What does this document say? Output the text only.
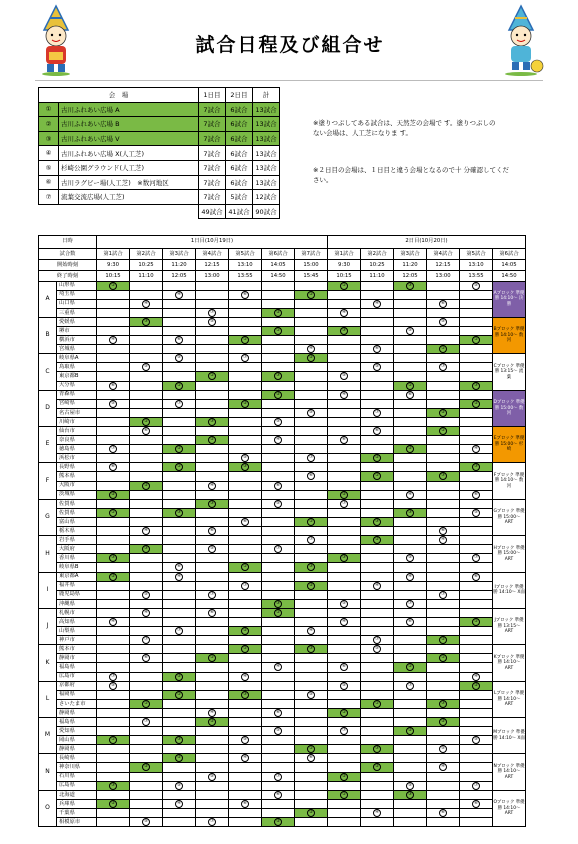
試合日程及び組合せ
会　場		1日目	2日目	計
①	古川ふれあい広場 A	7試合	6試合	13試合
②	古川ふれあい広場 B	7試合	6試合	13試合
③	古川ふれあい広場 V	7試合	6試合	13試合
④	古川ふれあい広場 X(人工芝)	7試合	6試合	13試合
⑤	杉崎公園グラウンド(人工芝)	7試合	6試合	13試合
⑥	古川ラグビー場(人工芝)　※数河地区	7試合	6試合	13試合
⑦	流葉交流広場(人工芝)	7試合	5試合	12試合
		49試合	41試合	90試合
※塗りつぶしてある試合は、天然芝の会場で す。塗りつぶしのない会場は、人工芝になりま す。
※２日目の会場は、１日目と違う会場となるので十 分確認してください。
日時		1日目(10月19日)							2日目(10月20日)					
試合数		第1試合	第2試合	第3試合	第4試合	第5試合	第6試合	第7試合	第1試合	第2試合	第3試合	第4試合	第5試合	第6試合
開始時刻		9:30	10:25	11:20	12:15	13:10	14:05	15:00	9:30	10:25	11:20	12:15	13:10	14:05
終了時刻		10:15	11:10	12:05	13:00	13:55	14:50	15:45	10:15	11:10	12:05	13:00	13:55	14:50
A	山形県	①							①		③		⑤	Aブロック 準優勝 14:10～ 決勝
	埼玉県			④		⑥		①						
	山口県		④							④		⑥		
	三重県				⑦		②		④					
B	愛媛県		③		⑤							⑤		Bブロック 準優勝 14:10～ 数河
	堺市						①		③		⑤			
	横浜市	④		⑥		①							①	
	宮城県							④		⑥		①		
C	岐阜県A			⑤		⑦		②						Cブロック 準優勝 13:15～ 流葉
	鳥取県		⑤							⑤		⑦		
	東京都B				①		③		⑤					
	大分県	⑥		①							①		③	
D	青森県						②		④		⑥			Dブロック 準優勝 15:00～ 数河
	宮崎県	⑤		⑦		②							②	
	名古屋市							⑤		⑦		②		
	川崎市		①		③		⑤							
E	仙台市		⑥							⑥		①		Eブロック 準優勝 15:00～ 杉崎
	奈良県				②		④		⑥					
	徳島県	⑦		②							②		④	
	浜松市					⑤		⑦		②				
F	長野県	⑥		①		③							③	Fブロック 準優勝 14:10～ 数河
	熊本県							⑥		①		③		
	大阪市		②		④		⑥							
	茨城県	②							②		④		⑥	
G	佐賀県				③		⑤		⑦					Gブロック 準優勝 15:00～ ART
	佐賀県	①		③							③		⑤	
	富山県					⑥		①		③				
	栃木県		④		⑥							⑥		
H	岩手県							⑦		②		④		Hブロック 準優勝 15:00～ ART
	大阪府		③		⑤		⑦							
	香川県	③							③		⑤		⑦	
	岐阜県B			⑥		①		③						
I	東京都A	②		④							④		⑥	Iブロック 準優勝 14:10～ X面
	福井県					⑦		②		④				
	鹿児島県		⑤		⑦							⑦		
	沖縄県						③		⑤		⑦			
J	札幌市		④		⑥		①							Jブロック 準優勝 13:15～ ART
	高知県	④							④		⑥		①	
	山梨県			⑦		②		④						
	神戸市		⑦							⑦		②		
K	熊本市					①		③		⑤				Kブロック 準優勝 14:10～ ART
	静岡市		⑥		①							①		
	福島県						④		⑥		①			
	広島市	⑦		②		④							④	
L	京都府	⑤							⑤		⑦		②	Lブロック 準優勝 14:10～ ART
	福岡県			①		③		⑤						
	さいたま市		①							①		③		
	静岡県				④		⑥		①					
M	福島県		⑦		②							②		Mブロック 準優勝 14:10～ X面
	愛知県						⑤		⑦		②			
	岡山県	①		③		⑤							⑤	
	静岡県							①		③		⑤		
N	長崎県			②		④		⑥						Nブロック 準優勝 14:10～ ART
	神奈川県		②							②		④		
	石川県				⑤		⑦		②					
	広島県	③		⑤							⑤		⑦	
O	北海道						⑥		①		③			Oブロック 準優勝 14:10～ ART
	兵庫県	②		④		⑥							⑥	
	千葉県							②		④		⑥		
	相模原市		⑤		⑦		②							
